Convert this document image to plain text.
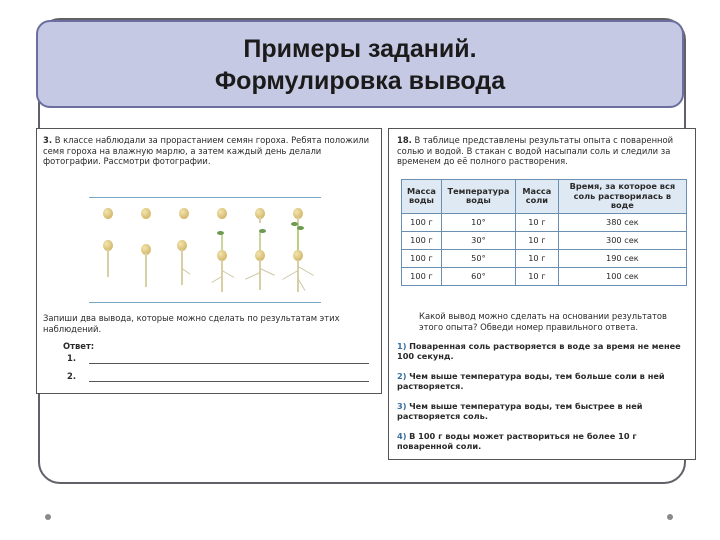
Примеры заданий.
Формулировка вывода
3. В классе наблюдали за прорастанием семян гороха. Ребята положили семя гороха на влажную марлю, а затем каждый день делали фотографии. Рассмотри фотографии.
Запиши два вывода, которые можно сделать по результатам этих наблюдений.
Ответ:
1.
2.
18. В таблице представлены результаты опыта с поваренной солью и водой. В стакан с водой насыпали соль и следили за временем до её полного растворения.
Масса воды	Температура воды	Масса соли	Время, за которое вся соль растворилась в воде
100 г	10°	10 г	380 сек
100 г	30°	10 г	300 сек
100 г	50°	10 г	190 сек
100 г	60°	10 г	100 сек
Какой вывод можно сделать на основании результатов этого опыта? Обведи номер правильного ответа.
1) Поваренная соль растворяется в воде за время не менее 100 секунд.
2) Чем выше температура воды, тем больше соли в ней растворяется.
3) Чем выше температура воды, тем быстрее в ней растворяется соль.
4) В 100 г воды может раствориться не более 10 г поваренной соли.
